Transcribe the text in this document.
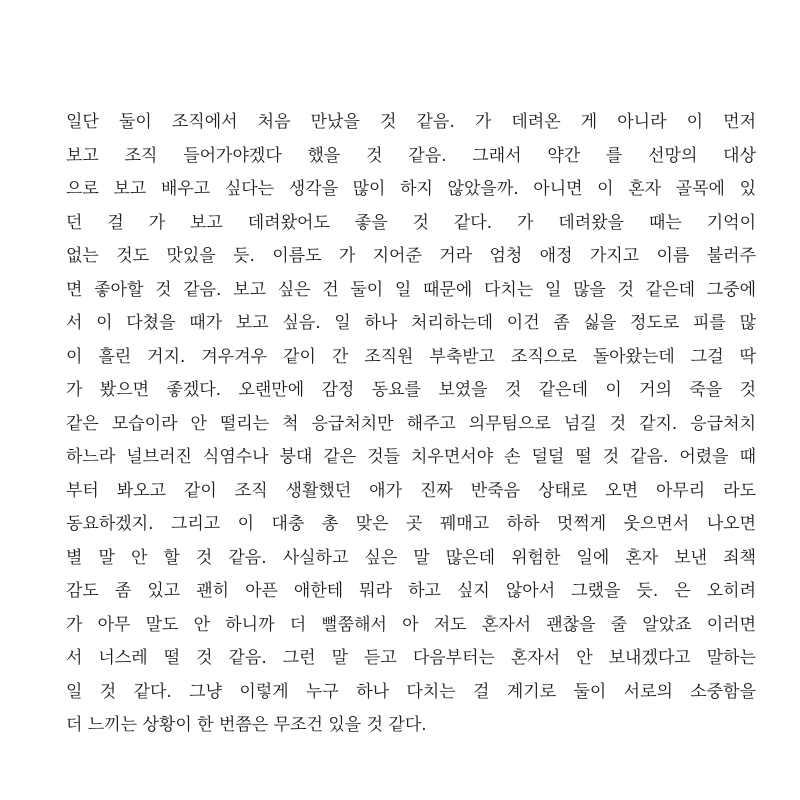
일단 둘이 조직에서 처음 만났을 것 같음. 가 데려온 게 아니라 이 먼저
보고 조직 들어가야겠다 했을 것 같음. 그래서 약간 를 선망의 대상
으로 보고 배우고 싶다는 생각을 많이 하지 않았을까. 아니면 이 혼자 골목에 있
던 걸 가 보고 데려왔어도 좋을 것 같다. 가 데려왔을 때는 기억이
없는 것도 맛있을 듯. 이름도 가 지어준 거라 엄청 애정 가지고 이름 불러주
면 좋아할 것 같음. 보고 싶은 건 둘이 일 때문에 다치는 일 많을 것 같은데 그중에
서 이 다쳤을 때가 보고 싶음. 일 하나 처리하는데 이건 좀 싫을 정도로 피를 많
이 흘린 거지. 겨우겨우 같이 간 조직원 부축받고 조직으로 돌아왔는데 그걸 딱
가 봤으면 좋겠다. 오랜만에 감정 동요를 보였을 것 같은데 이 거의 죽을 것
같은 모습이라 안 떨리는 척 응급처치만 해주고 의무팀으로 넘길 것 같지. 응급처치
하느라 널브러진 식염수나 붕대 같은 것들 치우면서야 손 덜덜 떨 것 같음. 어렸을 때
부터 봐오고 같이 조직 생활했던 애가 진짜 반죽음 상태로 오면 아무리 라도
동요하겠지. 그리고 이 대충 총 맞은 곳 꿰매고 하하 멋쩍게 웃으면서 나오면
별 말 안 할 것 같음. 사실하고 싶은 말 많은데 위험한 일에 혼자 보낸 죄책
감도 좀 있고 괜히 아픈 애한테 뭐라 하고 싶지 않아서 그랬을 듯. 은 오히려
가 아무 말도 안 하니까 더 뻘쭘해서 아 저도 혼자서 괜찮을 줄 알았죠 이러면
서 너스레 떨 것 같음. 그런 말 듣고 다음부터는 혼자서 안 보내겠다고 말하는
일 것 같다. 그냥 이렇게 누구 하나 다치는 걸 계기로 둘이 서로의 소중함을
더 느끼는 상황이 한 번쯤은 무조건 있을 것 같다.
